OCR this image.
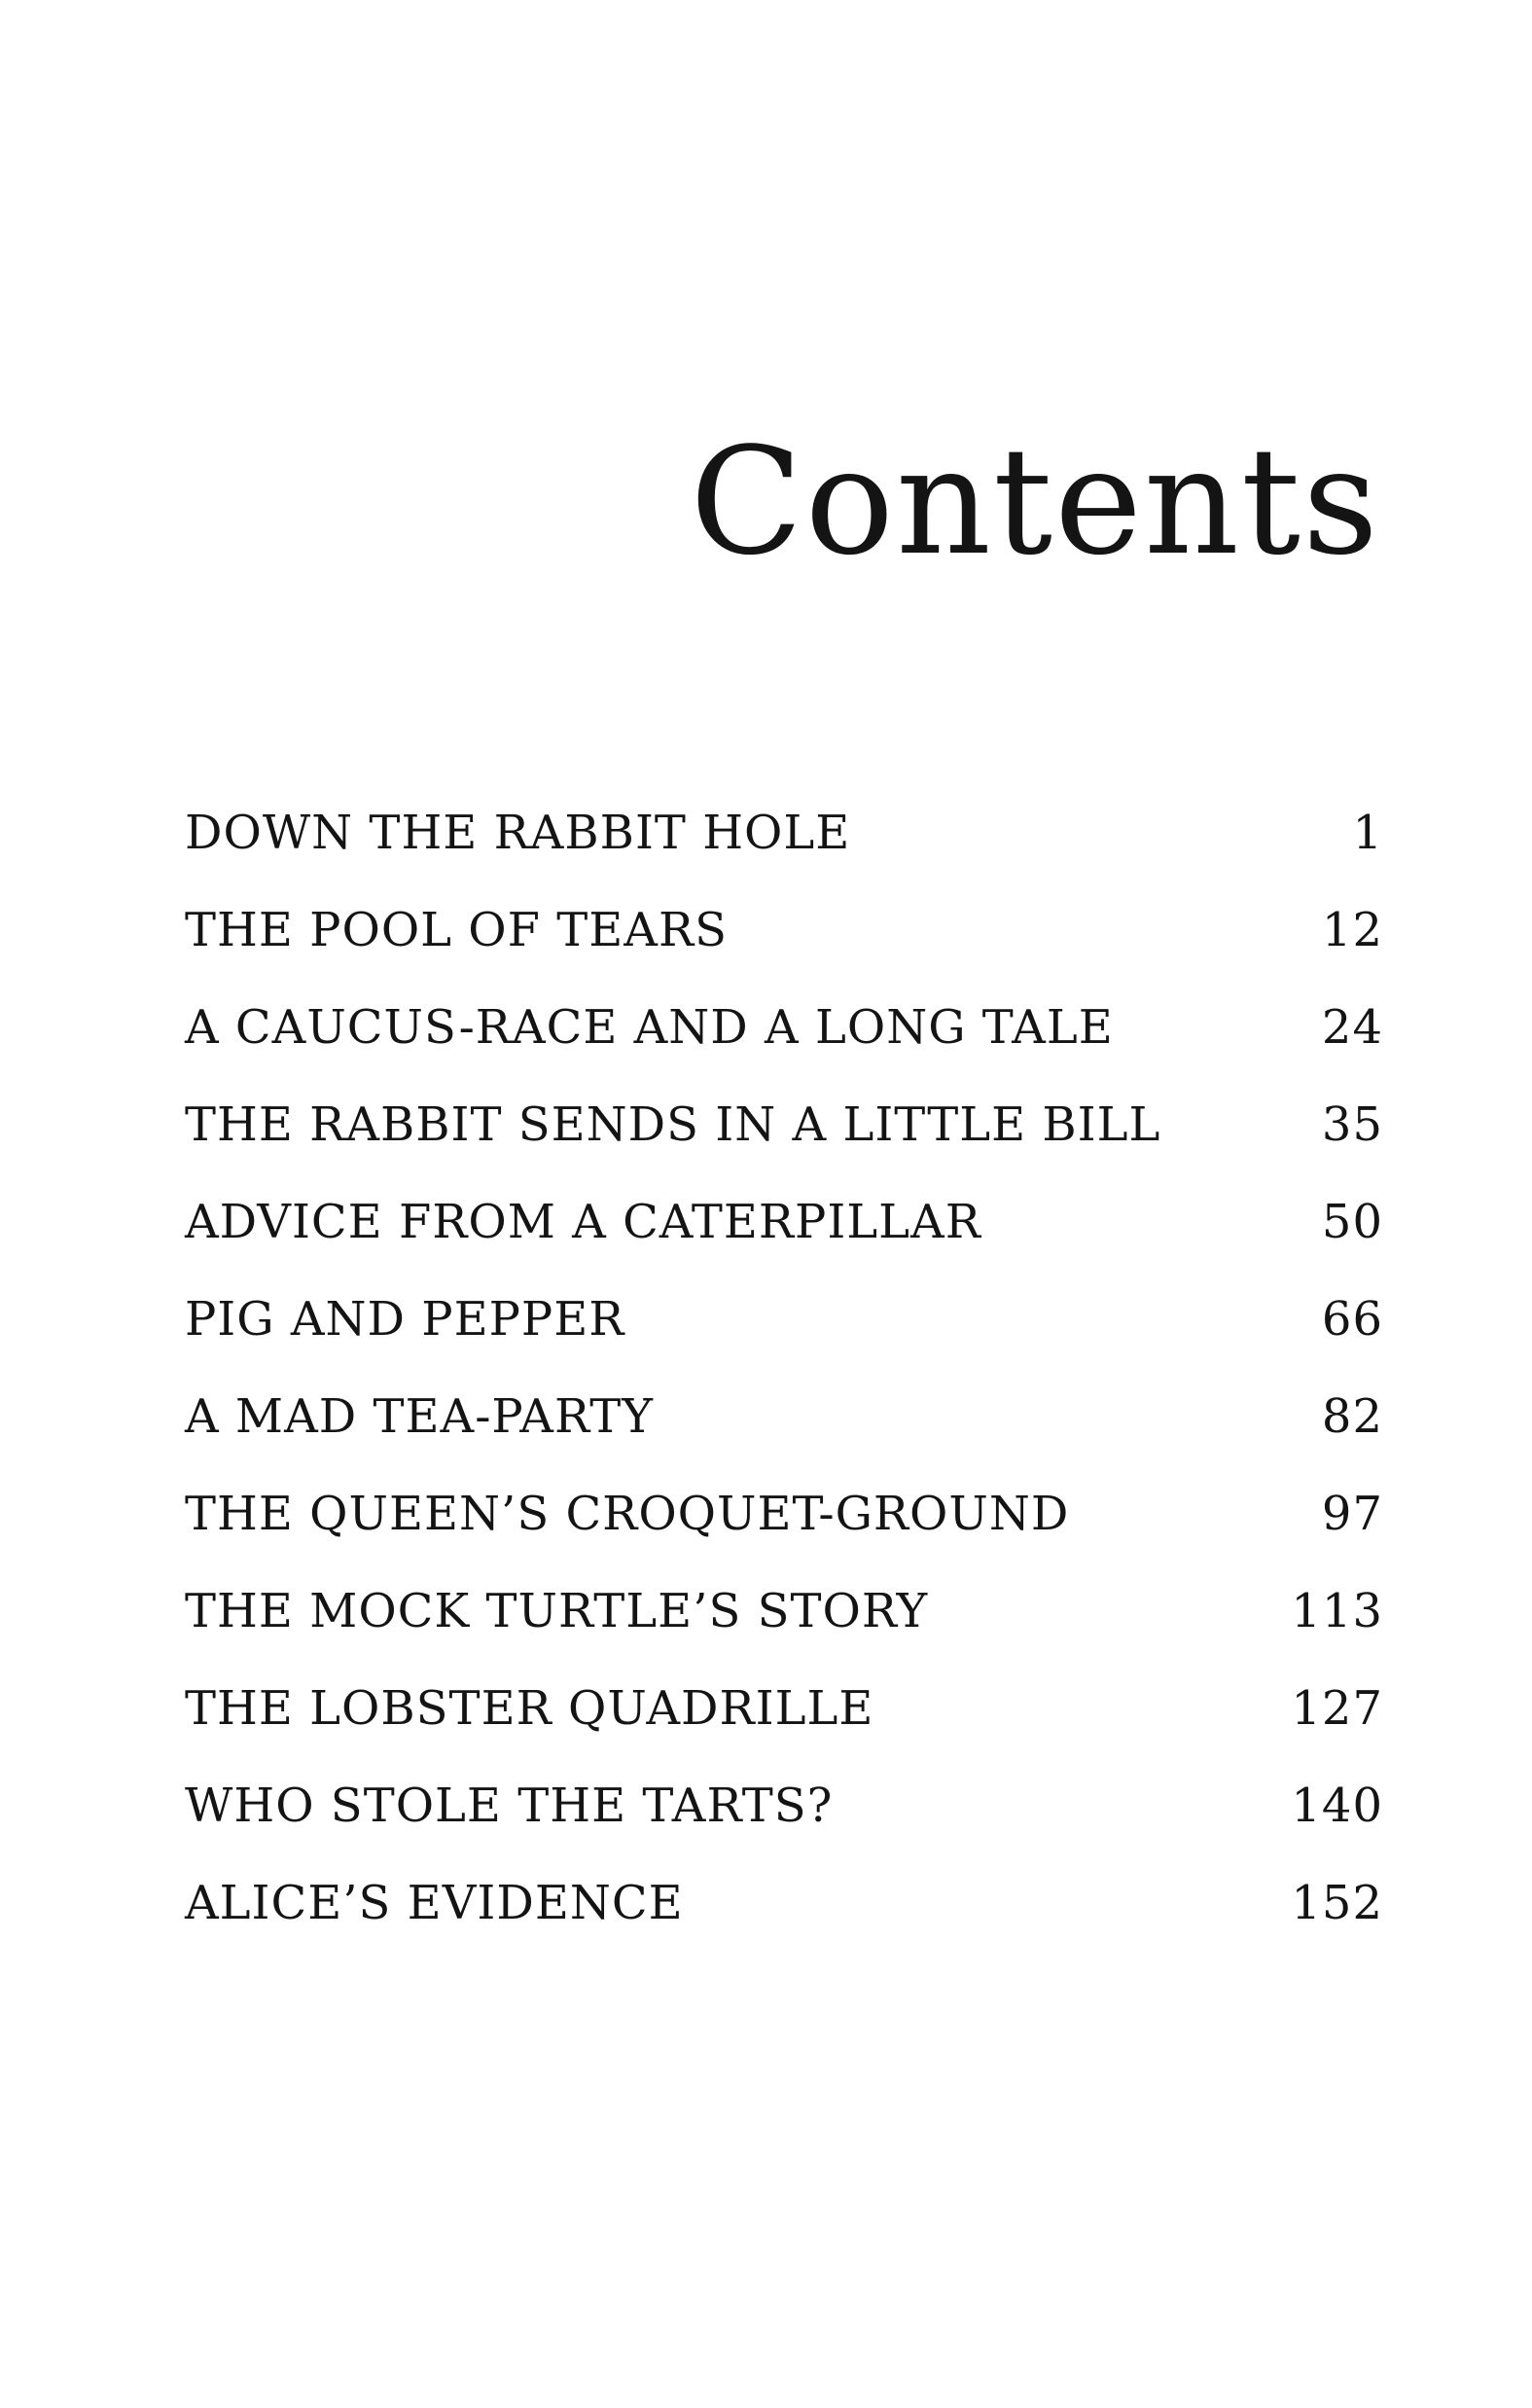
Contents
DOWN THE RABBIT HOLE	1
THE POOL OF TEARS	12
A CAUCUS-RACE AND A LONG TALE	24
THE RABBIT SENDS IN A LITTLE BILL	35
ADVICE FROM A CATERPILLAR	50
PIG AND PEPPER	66
A MAD TEA-PARTY	82
THE QUEEN’S CROQUET-GROUND	97
THE MOCK TURTLE’S STORY	113
THE LOBSTER QUADRILLE	127
WHO STOLE THE TARTS?	140
ALICE’S EVIDENCE	152
